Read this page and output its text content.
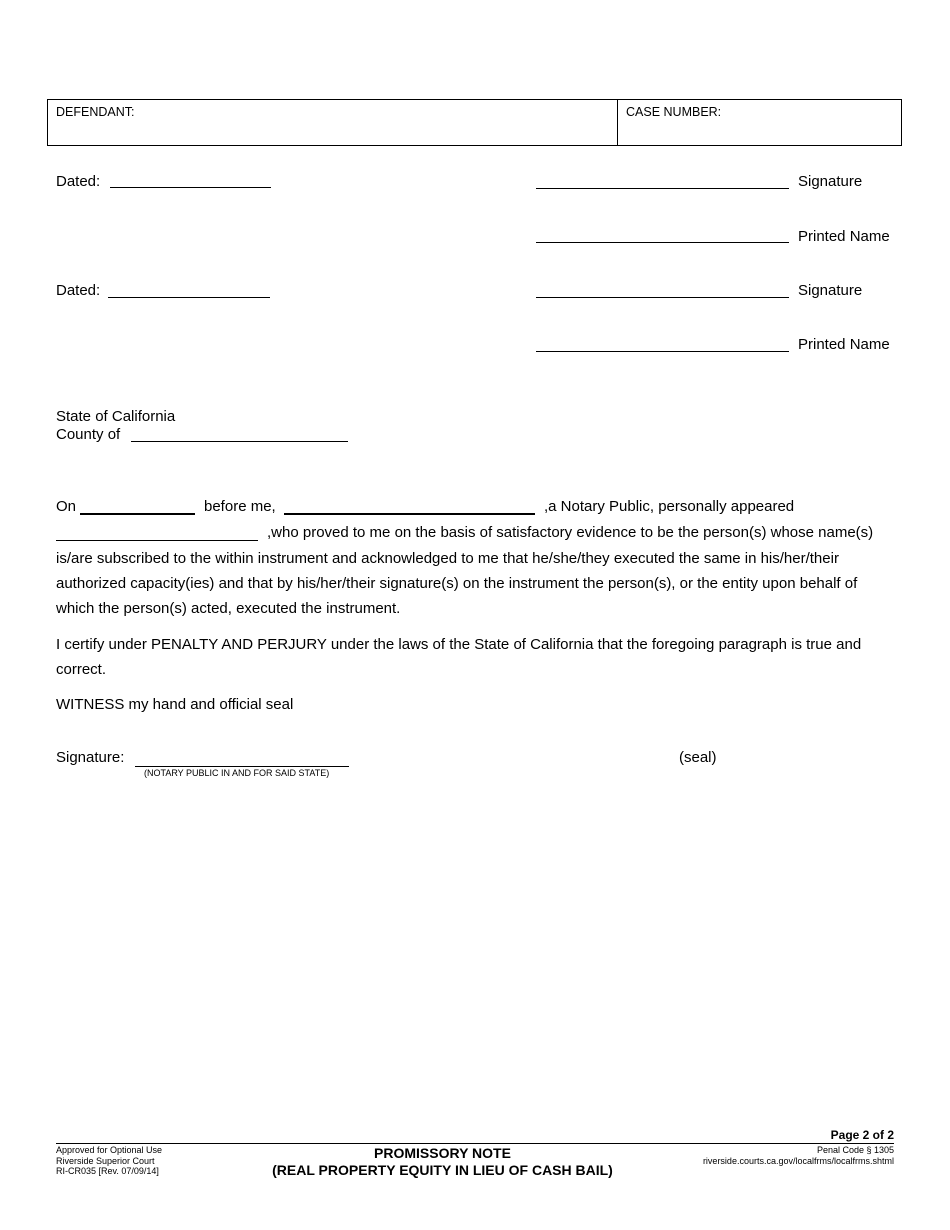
DEFENDANT:	CASE NUMBER:
Dated:	Signature
Printed Name
Dated:	Signature
Printed Name
State of California
County of
On	before me,	,a Notary Public, personally appeared
,who proved to me on the basis of satisfactory evidence to be the person(s) whose name(s)

is/are subscribed to the within instrument and acknowledged to me that he/she/they executed the same in his/her/their authorized capacity(ies) and that by his/her/their signature(s) on the instrument the person(s), or the entity upon behalf of which the person(s) acted, executed the instrument.

I certify under PENALTY AND PERJURY under the laws of the State of California that the foregoing paragraph is true and correct.

WITNESS my hand and official seal
Signature:
(NOTARY PUBLIC IN AND FOR SAID STATE)
(seal)
Page 2 of 2
Approved for Optional Use
Riverside Superior Court
RI-CR035 [Rev. 07/09/14]
PROMISSORY NOTE
(REAL PROPERTY EQUITY IN LIEU OF CASH BAIL)
Penal Code § 1305
riverside.courts.ca.gov/localfrms/localfrms.shtml
